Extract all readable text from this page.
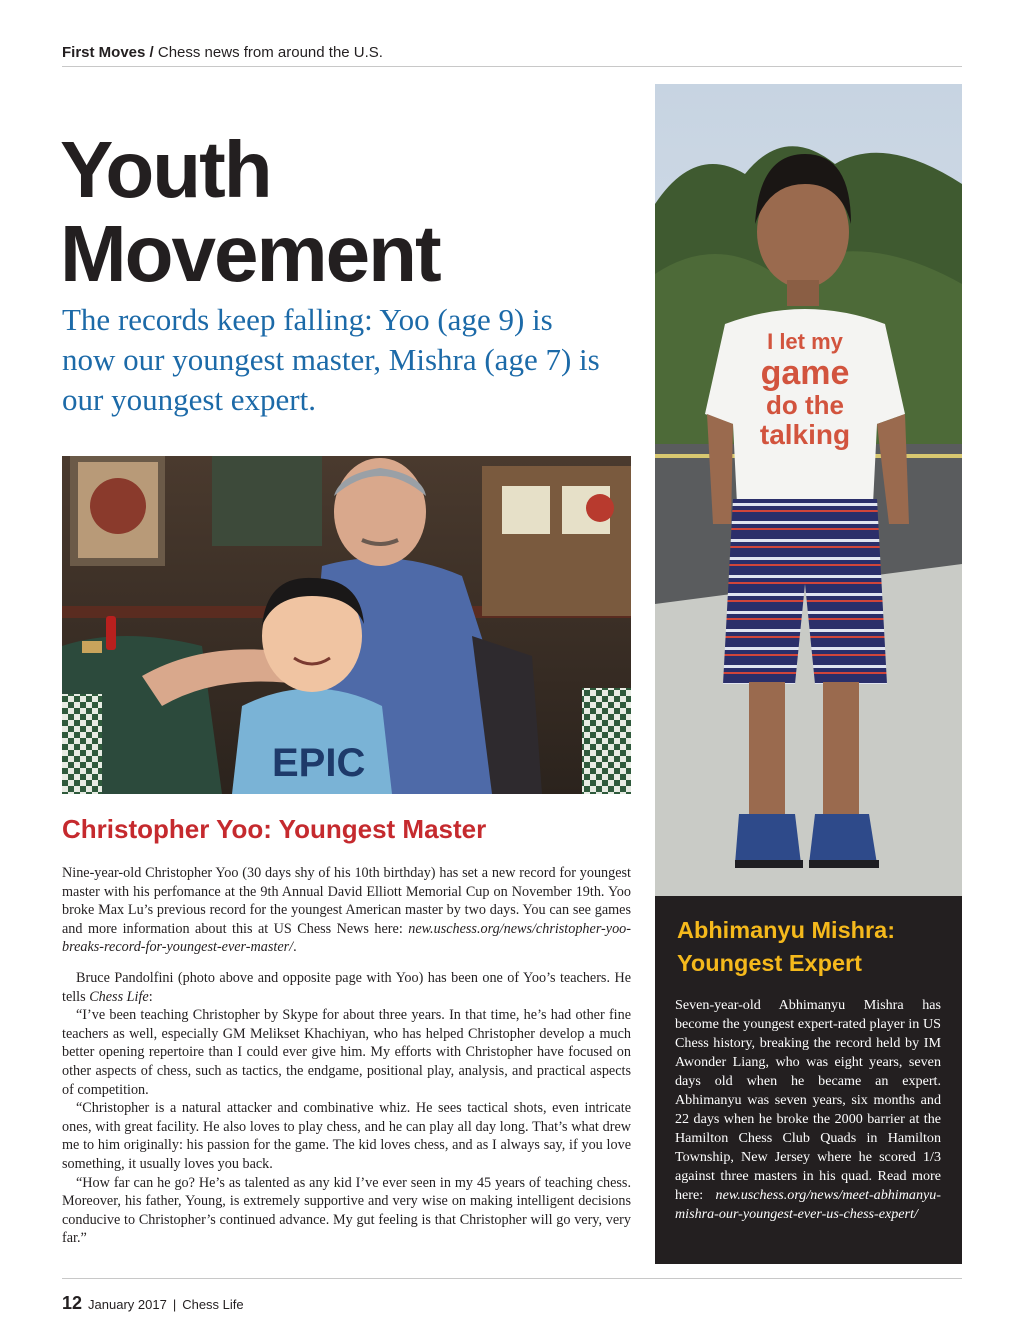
First Moves / Chess news from around the U.S.
Youth
Movement
The records keep falling: Yoo (age 9) is now our youngest master, Mishra (age 7) is our youngest expert.
EPIC
I let my
game
do the
talking
Christopher Yoo: Youngest Master

Nine-year-old Christopher Yoo (30 days shy of his 10th birthday) has set a new record for youngest master with his perfomance at the 9th Annual David Elliott Memorial Cup on November 19th. Yoo broke Max Lu’s previous record for the youngest American master by two days. You can see games and more information about this at US Chess News here: new.uschess.org/news/christopher-yoo-breaks-record-for-youngest-ever-master/.

Bruce Pandolfini (photo above and opposite page with Yoo) has been one of Yoo’s teachers. He tells Chess Life:

“I’ve been teaching Christopher by Skype for about three years. In that time, he’s had other fine teachers as well, especially GM Melikset Khachiyan, who has helped Christopher develop a much better opening repertoire than I could ever give him. My efforts with Christopher have focused on other aspects of chess, such as tactics, the endgame, positional play, analysis, and practical aspects of competition.

“Christopher is a natural attacker and combinative whiz. He sees tactical shots, even intricate ones, with great facility. He also loves to play chess, and he can play all day long. That’s what drew me to him originally: his passion for the game. The kid loves chess, and as I always say, if you love something, it usually loves you back.

“How far can he go? He’s as talented as any kid I’ve ever seen in my 45 years of teaching chess. Moreover, his father, Young, is extremely supportive and very wise on making intelligent decisions conducive to Christopher’s continued advance. My gut feeling is that Christopher will go very, very far.”

Abhimanyu Mishra:
Youngest Expert
Seven-year-old Abhimanyu Mishra has become the youngest expert-rated player in US Chess history, breaking the record held by IM Awonder Liang, who was eight years, seven days old when he became an expert. Abhimanyu was seven years, six months and 22 days when he broke the 2000 barrier at the Hamilton Chess Club Quads in Hamilton Township, New Jersey where he scored 1/3 against three masters in his quad. Read more here: new.uschess.org/news/meet-abhimanyu-mishra-our-youngest-ever-us-chess-expert/
12 January 2017 | Chess Life
